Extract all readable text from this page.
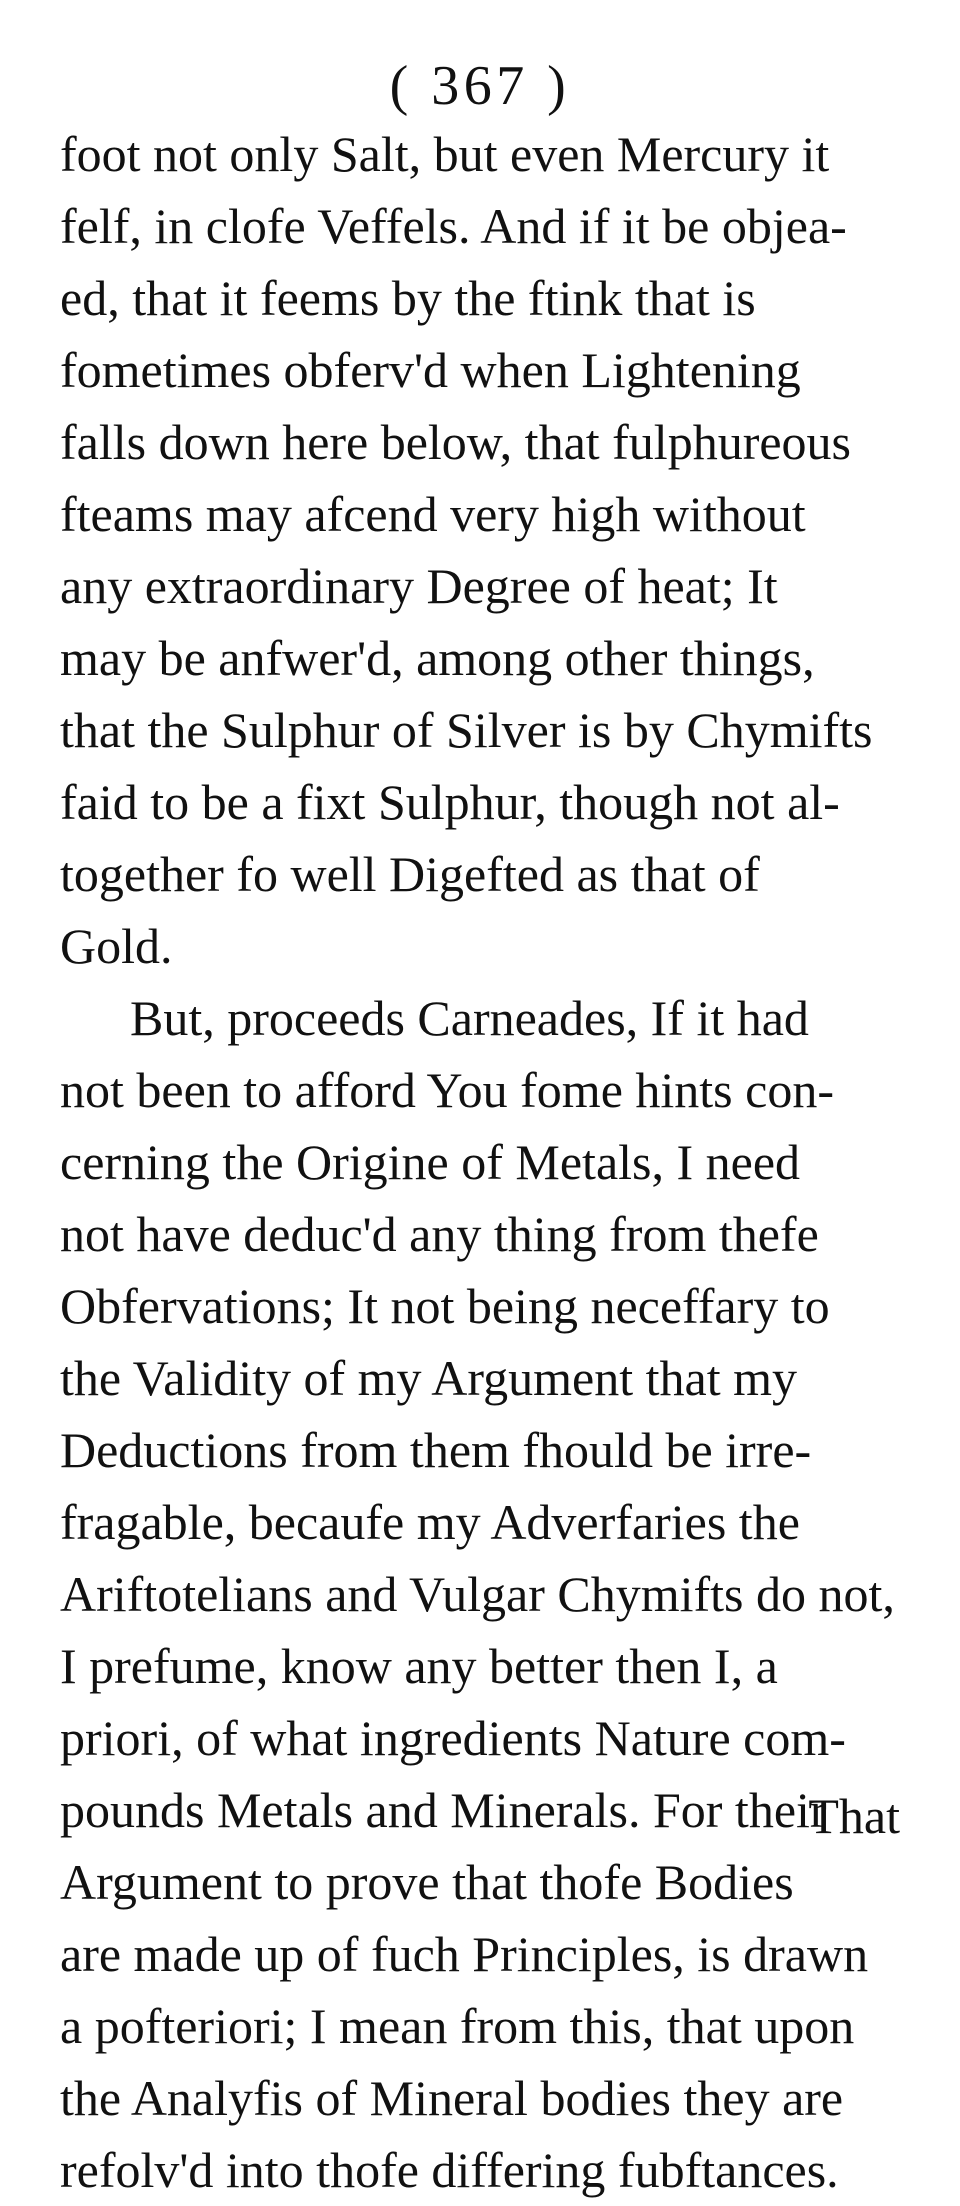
( 367 )
foot not only Salt, but even Mercury it
felf, in clofe Veffels. And if it be objea-
ed, that it feems by the ftink that is
fometimes obferv'd when Lightening
falls down here below, that fulphureous
fteams may afcend very high without
any extraordinary Degree of heat; It
may be anfwer'd, among other things,
that the Sulphur of Silver is by Chymifts
faid to be a fixt Sulphur, though not al-
together fo well Digefted as that of
Gold.
But, proceeds Carneades, If it had
not been to afford You fome hints con-
cerning the Origine of Metals, I need
not have deduc'd any thing from thefe
Obfervations; It not being neceffary to
the Validity of my Argument that my
Deductions from them fhould be irre-
fragable, becaufe my Adverfaries the
Ariftotelians and Vulgar Chymifts do not,
I prefume, know any better then I, a
priori, of what ingredients Nature com-
pounds Metals and Minerals. For their
Argument to prove that thofe Bodies
are made up of fuch Principles, is drawn
a pofteriori; I mean from this, that upon
the Analyfis of Mineral bodies they are
refolv'd into thofe differing fubftances.
That
